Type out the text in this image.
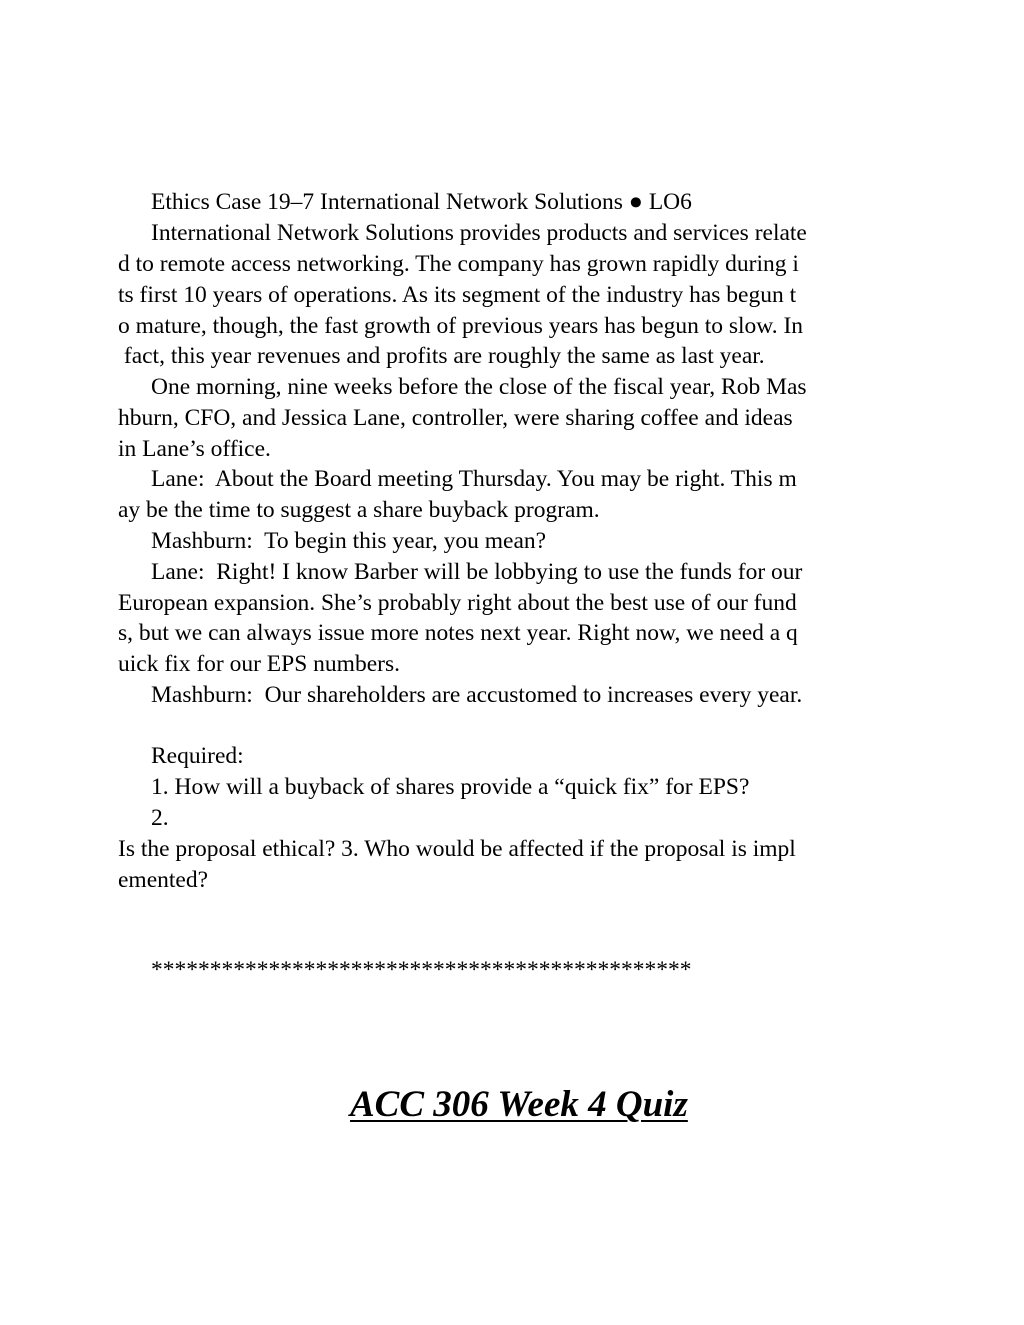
Ethics Case 19–7 International Network Solutions ● LO6
International Network Solutions provides products and services relate
d to remote access networking. The company has grown rapidly during i
ts first 10 years of operations. As its segment of the industry has begun t
o mature, though, the fast growth of previous years has begun to slow. In
fact, this year revenues and profits are roughly the same as last year.
One morning, nine weeks before the close of the fiscal year, Rob Mas
hburn, CFO, and Jessica Lane, controller, were sharing coffee and ideas
in Lane’s office.
Lane:  About the Board meeting Thursday. You may be right. This m
ay be the time to suggest a share buyback program.
Mashburn:  To begin this year, you mean?
Lane:  Right! I know Barber will be lobbying to use the funds for our
European expansion. She’s probably right about the best use of our fund
s, but we can always issue more notes next year. Right now, we need a q
uick fix for our EPS numbers.
Mashburn:  Our shareholders are accustomed to increases every year.
Required:
1. How will a buyback of shares provide a “quick fix” for EPS?
2.
Is the proposal ethical? 3. Who would be affected if the proposal is impl
emented?
**********************************************
ACC 306 Week 4 Quiz
